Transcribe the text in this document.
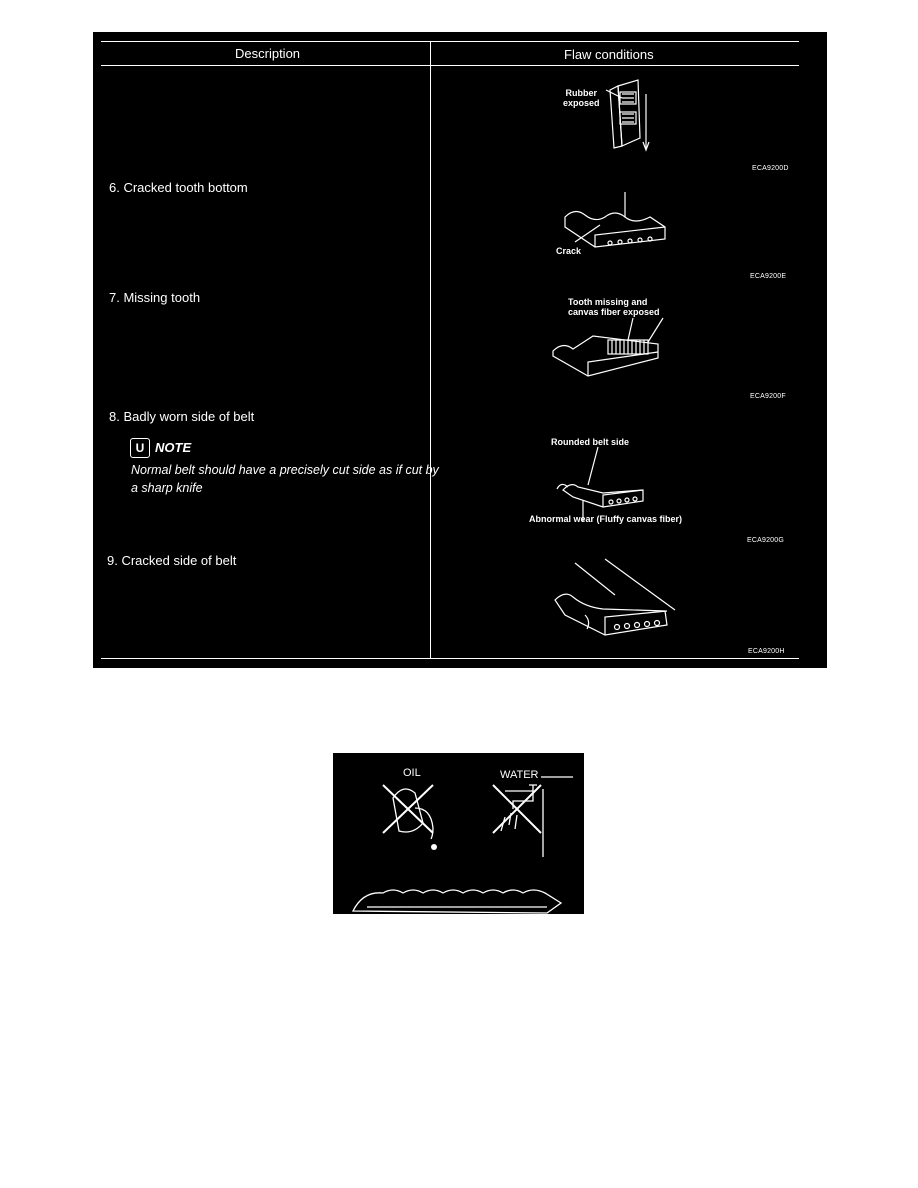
Description	Flaw conditions
Rubber
exposed
ECA9200D
6. Cracked tooth bottom
Crack
ECA9200E
7. Missing tooth	Tooth missing and
canvas fiber exposed
ECA9200F
8. Badly worn side of belt
U NOTE
Normal belt should have a precisely cut side as if cut by a sharp knife
Rounded belt side
Abnormal wear (Fluffy canvas fiber)
ECA9200G
9. Cracked side of belt
ECA9200H
OIL	WATER
